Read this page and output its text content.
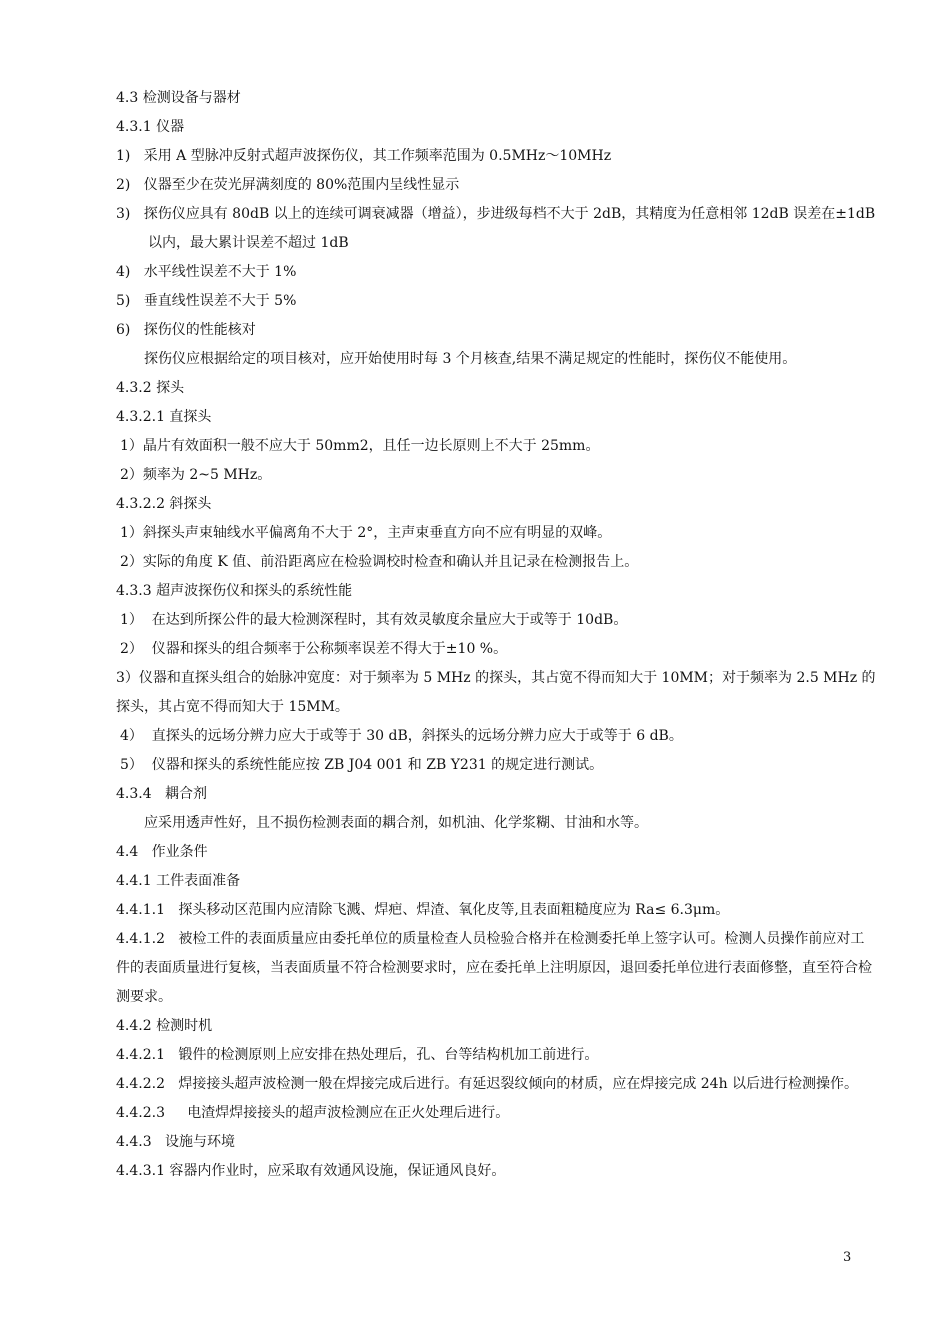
4.3 检测设备与器材
4.3.1 仪器
1)   采用 A 型脉冲反射式超声波探伤仪，其工作频率范围为 0.5MHz～10MHz
2)   仪器至少在荧光屏满刻度的 80%范围内呈线性显示
3)   探伤仪应具有 80dB 以上的连续可调衰减器（增益），步进级每档不大于 2dB，其精度为任意相邻 12dB 误差在±1dB 以内，最大累计误差不超过 1dB
4)   水平线性误差不大于 1%
5)   垂直线性误差不大于 5%
6)   探伤仪的性能核对
探伤仪应根据给定的项目核对，应开始使用时每 3 个月核查,结果不满足规定的性能时，探伤仪不能使用。
4.3.2 探头
4.3.2.1 直探头
1）晶片有效面积一般不应大于 50mm2，且任一边长原则上不大于 25mm。
2）频率为 2~5 MHz。
4.3.2.2 斜探头
1）斜探头声束轴线水平偏离角不大于 2°，主声束垂直方向不应有明显的双峰。
2）实际的角度 K 值、前沿距离应在检验调校时检查和确认并且记录在检测报告上。
4.3.3 超声波探伤仪和探头的系统性能
1）  在达到所探公件的最大检测深程时，其有效灵敏度余量应大于或等于 10dB。
2）  仪器和探头的组合频率于公称频率误差不得大于±10 %。
3）仪器和直探头组合的始脉冲宽度：对于频率为 5 MHz 的探头，其占宽不得而知大于 10MM；对于频率为 2.5 MHz 的探头，其占宽不得而知大于 15MM。
4）  直探头的远场分辨力应大于或等于 30 dB，斜探头的远场分辨力应大于或等于 6 dB。
5）  仪器和探头的系统性能应按 ZB J04 001 和 ZB Y231 的规定进行测试。
4.3.4   耦合剂
应采用透声性好，且不损伤检测表面的耦合剂，如机油、化学浆糊、甘油和水等。
4.4   作业条件
4.4.1 工件表面准备
4.4.1.1   探头移动区范围内应清除飞溅、焊疤、焊渣、氧化皮等,且表面粗糙度应为 Ra≤ 6.3μm。
4.4.1.2   被检工件的表面质量应由委托单位的质量检查人员检验合格并在检测委托单上签字认可。检测人员操作前应对工件的表面质量进行复核，当表面质量不符合检测要求时，应在委托单上注明原因，退回委托单位进行表面修整，直至符合检测要求。
4.4.2 检测时机
4.4.2.1   锻件的检测原则上应安排在热处理后，孔、台等结构机加工前进行。
4.4.2.2   焊接接头超声波检测一般在焊接完成后进行。有延迟裂纹倾向的材质，应在焊接完成 24h 以后进行检测操作。
4.4.2.3     电渣焊焊接接头的超声波检测应在正火处理后进行。
4.4.3   设施与环境
4.4.3.1 容器内作业时，应采取有效通风设施，保证通风良好。
3
